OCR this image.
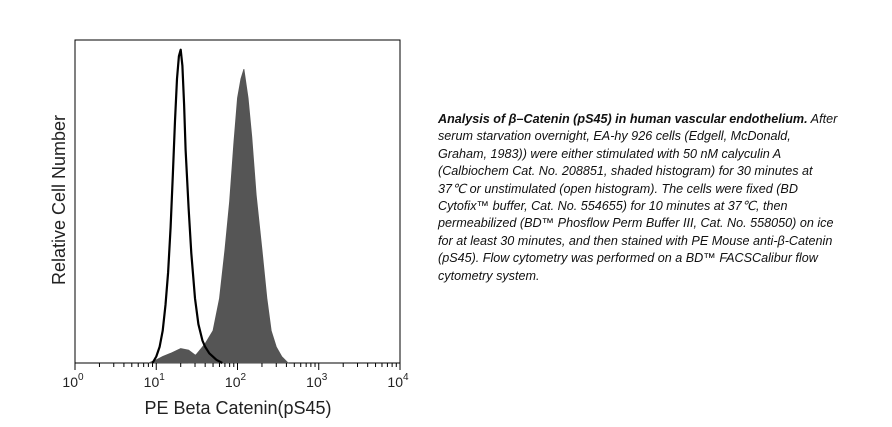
$10^0$	$10^1$	$10^2$	$10^3$	$10^4$
Relative Cell Number
PE Beta Catenin(pS45)
Analysis of β–Catenin (pS45) in human vascular endothelium. After serum starvation overnight, EA-hy 926 cells (Edgell, McDonald, Graham, 1983)) were either stimulated with 50 nM calyculin A (Calbiochem Cat. No. 208851, shaded histogram) for 30 minutes at 37℃ or unstimulated (open histogram). The cells were fixed (BD Cytofix™ buffer, Cat. No. 554655) for 10 minutes at 37℃, then permeabilized (BD™ Phosflow Perm Buffer III, Cat. No. 558050) on ice for at least 30 minutes, and then stained with PE Mouse anti-β-Catenin (pS45). Flow cytometry was performed on a BD™ FACSCalibur flow cytometry system.
